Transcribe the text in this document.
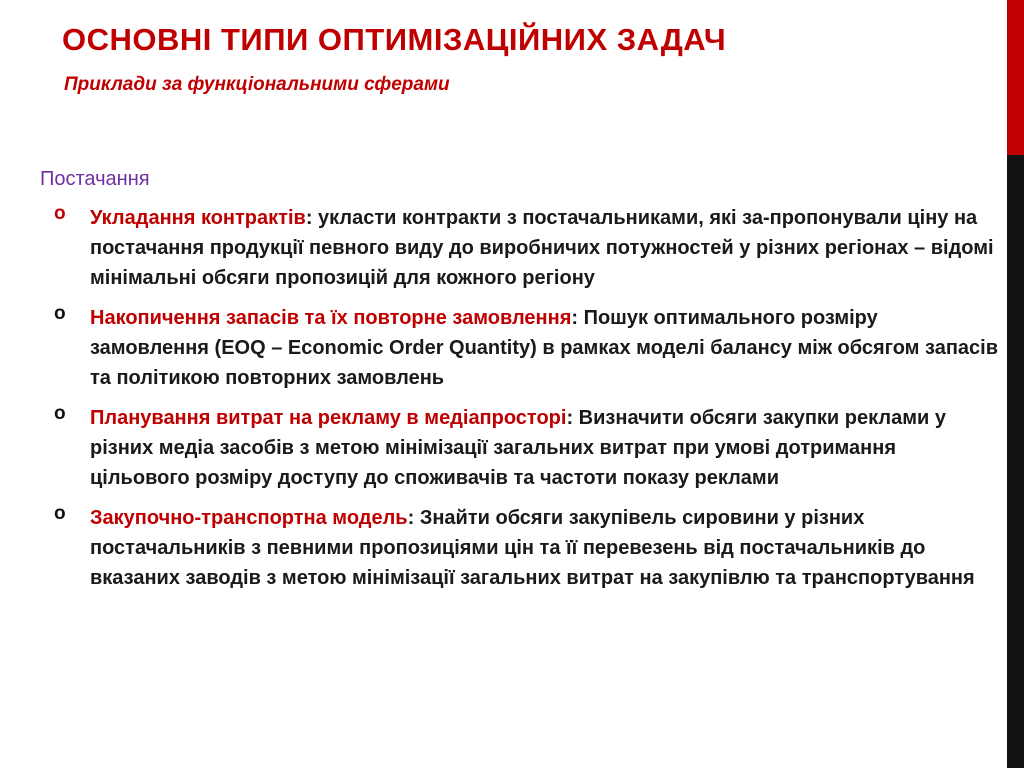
ОСНОВНІ ТИПИ ОПТИМІЗАЦІЙНИХ ЗАДАЧ
Приклади за функціональними сферами
Постачання
o Укладання контрактів: укласти контракти з постачальниками, які за-пропонували ціну на постачання продукції певного виду до виробничих потужностей у різних регіонах – відомі мінімальні обсяги пропозицій для кожного регіону
o Накопичення запасів та їх повторне замовлення: Пошук оптимального розміру замовлення (EOQ – Economic Order Quantity) в рамках моделі балансу між обсягом запасів та політикою повторних замовлень
o Планування витрат на рекламу в медіапросторі: Визначити обсяги закупки реклами у різних медіа засобів з метою мінімізації загальних витрат при умові дотримання цільового розміру доступу до споживачів та частоти показу реклами
o Закупочно-транспортна модель: Знайти обсяги закупівель сировини у різних постачальників з певними пропозиціями цін та її перевезень від постачальників до вказаних заводів з метою мінімізації загальних витрат на закупівлю та транспортування
